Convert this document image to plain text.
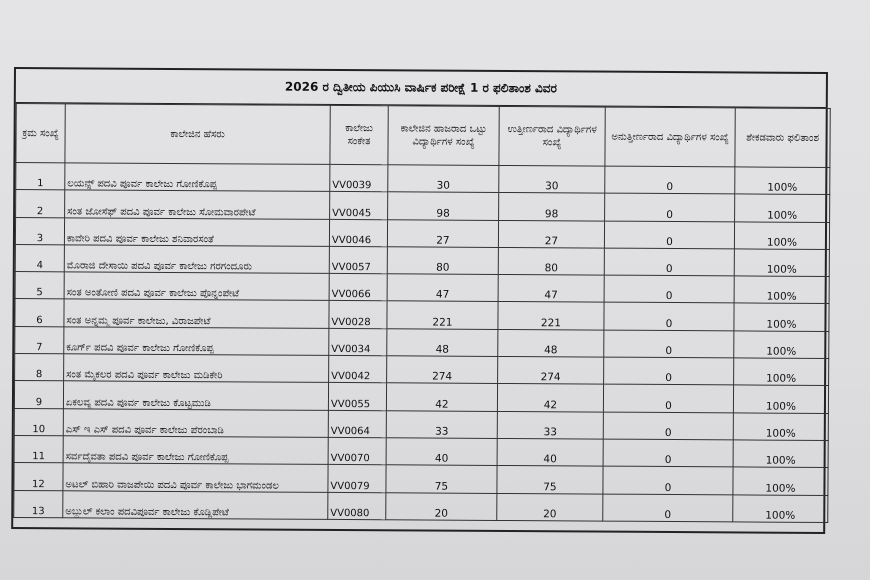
2026 ರ ದ್ವಿತೀಯ ಪಿಯುಸಿ ವಾರ್ಷಿಕ ಪರೀಕ್ಷೆ 1 ರ ಫಲಿತಾಂಶ ವಿವರ
ಕ್ರಮ ಸಂಖ್ಯೆ	ಕಾಲೇಜಿನ ಹೆಸರು	ಕಾಲೇಜು ಸಂಕೇತ	ಕಾಲೇಜಿನ ಹಾಜರಾದ ಒಟ್ಟು ವಿದ್ಯಾರ್ಥಿಗಳ ಸಂಖ್ಯೆ	ಉತ್ತೀರ್ಣರಾದ ವಿದ್ಯಾರ್ಥಿಗಳ ಸಂಖ್ಯೆ	ಅನುತ್ತೀರ್ಣರಾದ ವಿದ್ಯಾರ್ಥಿಗಳ ಸಂಖ್ಯೆ	ಶೇಕಡವಾರು ಫಲಿತಾಂಶ
1	ಲಯನ್ಸ್ ಪದವಿ ಪೂರ್ವ ಕಾಲೇಜು ಗೋಣಿಕೊಪ್ಪ	VV0039	30	30	0	100%
2	ಸಂತ ಜೋಸೆಫ್ ಪದವಿ ಪೂರ್ವ ಕಾಲೇಜು ಸೋಮವಾರಪೇಟೆ	VV0045	98	98	0	100%
3	ಕಾವೇರಿ ಪದವಿ ಪೂರ್ವ ಕಾಲೇಜು ಶನಿವಾರಸಂತೆ	VV0046	27	27	0	100%
4	ಮೊರಾಜಿ ದೇಸಾಯಿ ಪದವಿ ಪೂರ್ವ ಕಾಲೇಜು ಗರಗಂದೂರು	VV0057	80	80	0	100%
5	ಸಂತ ಅಂತೋಣಿ ಪದವಿ ಪೂರ್ವ ಕಾಲೇಜು ಪೊನ್ನಂಪೇಟೆ	VV0066	47	47	0	100%
6	ಸಂತ ಅನ್ನಮ್ಮ ಪೂರ್ವ ಕಾಲೇಜು, ವಿರಾಜಪೇಟೆ	VV0028	221	221	0	100%
7	ಕೂರ್ಗ್ ಪದವಿ ಪೂರ್ವ ಕಾಲೇಜು ಗೋಣಿಕೊಪ್ಪ	VV0034	48	48	0	100%
8	ಸಂತ ಮೈಕಲರ ಪದವಿ ಪೂರ್ವ ಕಾಲೇಜು ಮಡಿಕೇರಿ	VV0042	274	274	0	100%
9	ಏಕಲವ್ಯ ಪದವಿ ಪೂರ್ವ ಕಾಲೇಜು ಕೊಟ್ಟಮುಡಿ	VV0055	42	42	0	100%
10	ಎಸ್ ಇ ಎಸ್ ಪದವಿ ಪೂರ್ವ ಕಾಲೇಜು ಪೆರಂಬಾಡಿ	VV0064	33	33	0	100%
11	ಸರ್ವದೈವತಾ ಪದವಿ ಪೂರ್ವ ಕಾಲೇಜು ಗೋಣಿಕೊಪ್ಪ	VV0070	40	40	0	100%
12	ಅಟಲ್ ಬಿಹಾರಿ ವಾಜಪೇಯಿ ಪದವಿ ಪೂರ್ವ ಕಾಲೇಜು ಭಾಗಮಂಡಲ	VV0079	75	75	0	100%
13	ಅಬ್ದುಲ್ ಕಲಾಂ ಪದವಿಪೂರ್ವ ಕಾಲೇಜು ಕೊಡ್ಲಿಪೇಟೆ	VV0080	20	20	0	100%
